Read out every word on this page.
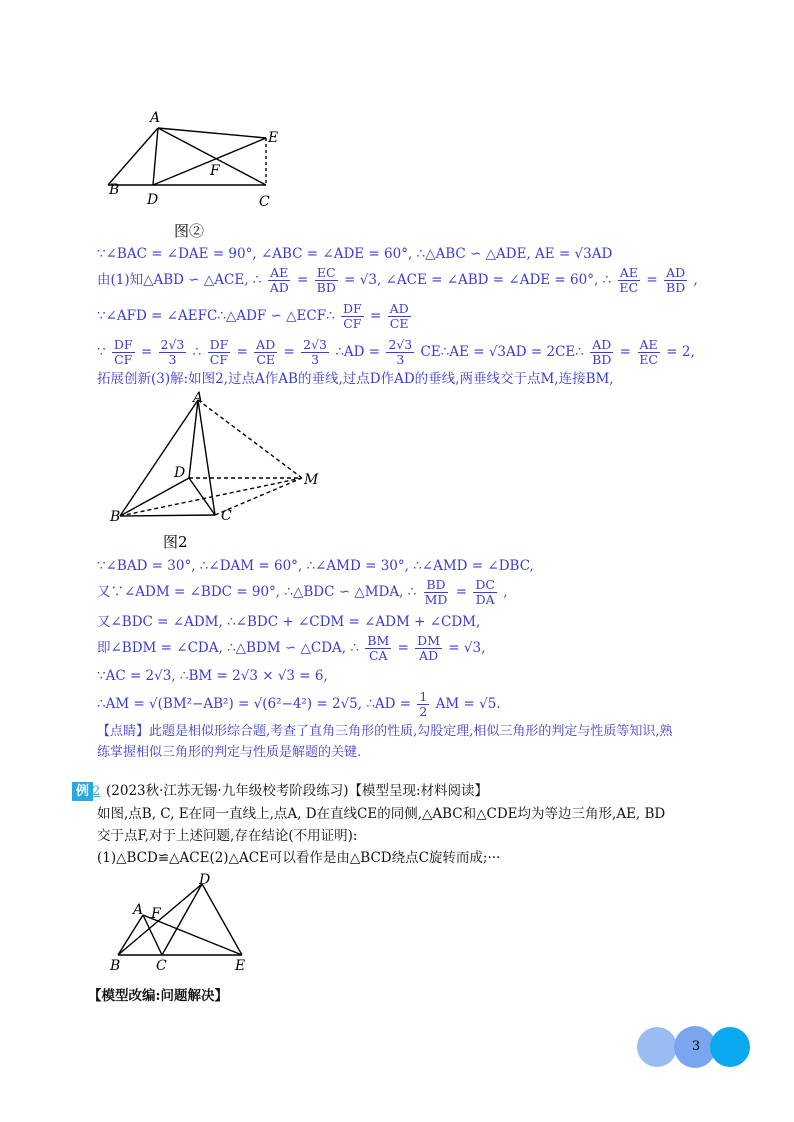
A
E
F
B
D	C
图②
∵∠BAC = ∠DAE = 90°, ∠ABC = ∠ADE = 60°, ∴△ABC ∽ △ADE, AE = √3AD
由(1)知△ABD ∽ △ACE, ∴ $\frac{AE}{AD} = \frac{EC}{BD} = √3$, ∠ACE = ∠ABD = ∠ADE = 60°, ∴ $\frac{AE}{EC} = \frac{AD}{BD}$ ,
∵∠AFD = ∠AEFC∴△ADF ∽ △ECF∴ $\frac{DF}{CF} = \frac{AD}{CE}$
∵ $\frac{DF}{CF} = \frac{2√3}{3}$ ∴ $\frac{DF}{CF} = \frac{AD}{CE} = \frac{2√3}{3}$ ∴AD = $\frac{2√3}{3}$ CE∴AE = √3AD = 2CE∴ $\frac{AD}{BD} = \frac{AE}{EC} = 2$,
拓展创新(3)解:如图2,过点A作AB的垂线,过点D作AD的垂线,两垂线交于点M,连接BM,
A
D	M
B	C
图2
∵∠BAD = 30°, ∴∠DAM = 60°, ∴∠AMD = 30°, ∴∠AMD = ∠DBC,
又∵∠ADM = ∠BDC = 90°, ∴△BDC ∽ △MDA, ∴ $\frac{BD}{MD} = \frac{DC}{DA}$ ,
又∠BDC = ∠ADM, ∴∠BDC + ∠CDM = ∠ADM + ∠CDM,
即∠BDM = ∠CDA, ∴△BDM ∽ △CDA, ∴ $\frac{BM}{CA} = \frac{DM}{AD} = √3$,
∵AC = 2√3, ∴BM = 2√3 × √3 = 6,
∴AM = √(BM²−AB²) = √(6²−4²) = 2√5, ∴AD = $\frac{1}{2}$ AM = √5.
【点睛】此题是相似形综合题,考查了直角三角形的性质,勾股定理,相似三角形的判定与性质等知识,熟
练掌握相似三角形的判定与性质是解题的关键.
例 2 (2023秋·江苏无锡·九年级校考阶段练习)【模型呈现:材料阅读】
如图,点B, C, E在同一直线上,点A, D在直线CE的同侧,△ABC和△CDE均为等边三角形,AE, BD
交于点F,对于上述问题,存在结论(不用证明):
(1)△BCD≌△ACE(2)△ACE可以看作是由△BCD绕点C旋转而成;···
D
A F
B	C	E
【模型改编:问题解决】
3
